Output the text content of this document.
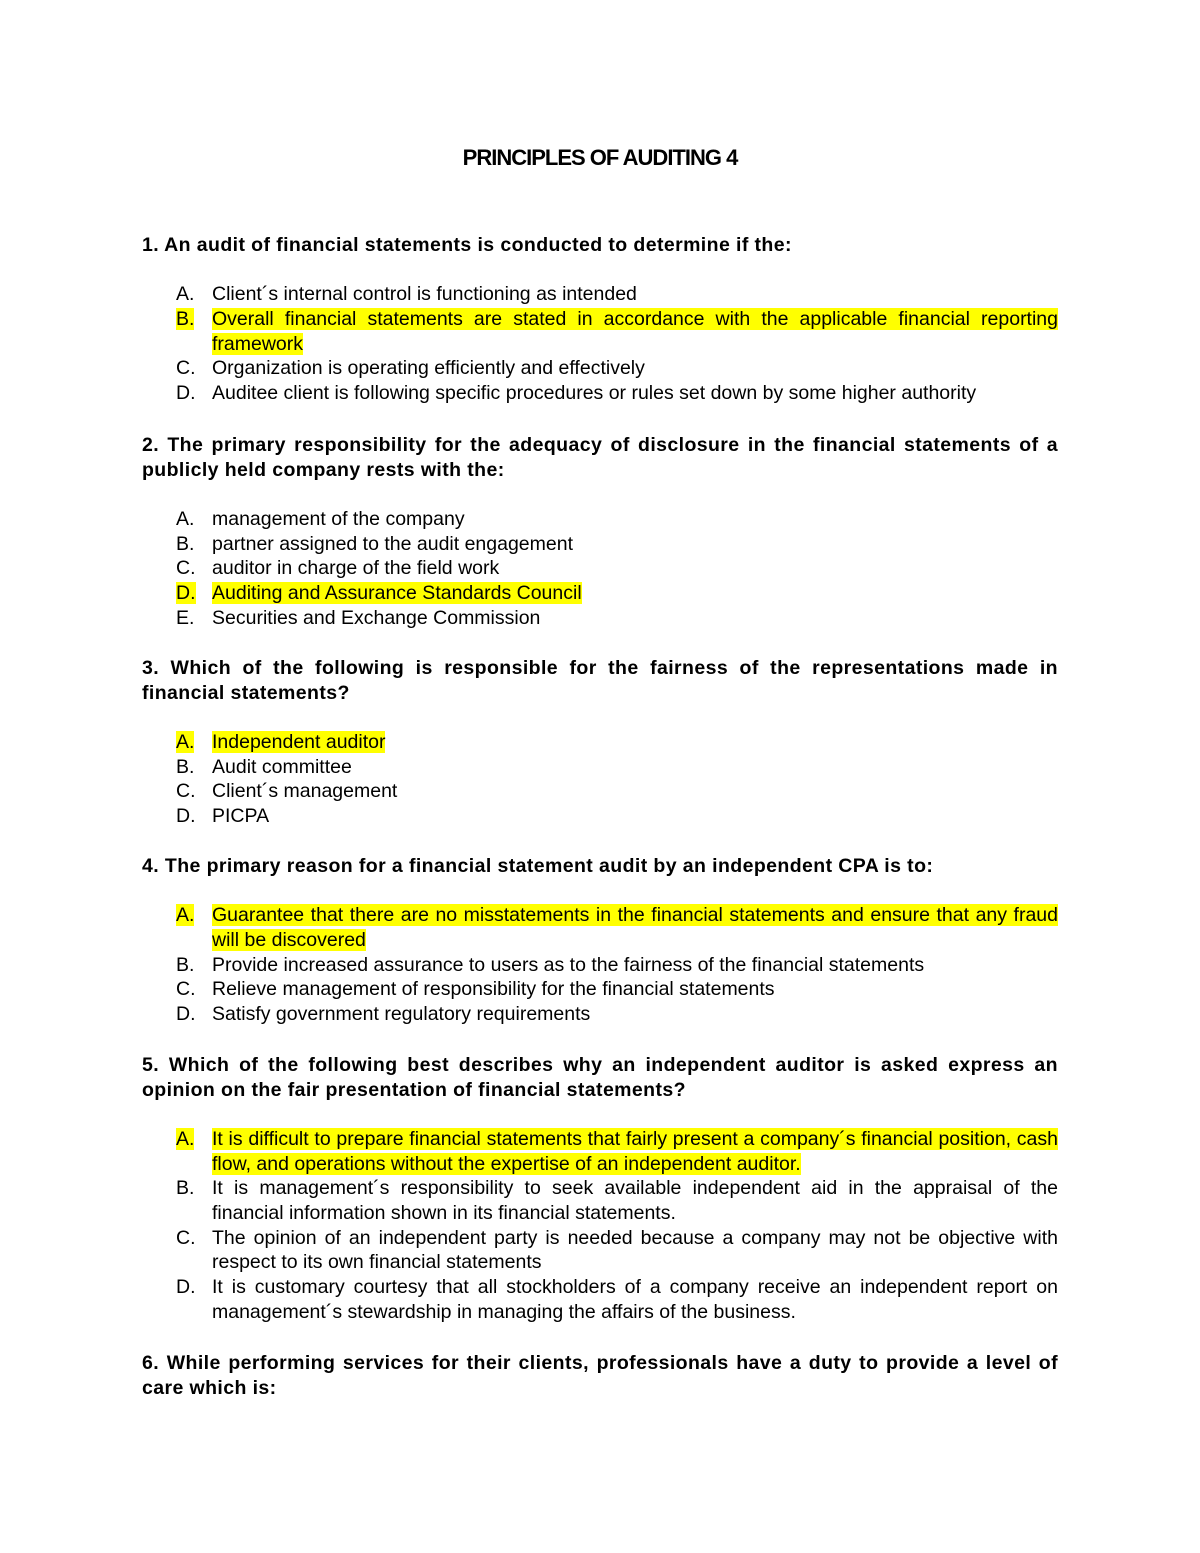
PRINCIPLES OF AUDITING 4

1. An audit of financial statements is conducted to determine if the:

A. Client´s internal control is functioning as intended
B. Overall financial statements are stated in accordance with the applicable financial reporting framework
C. Organization is operating efficiently and effectively
D. Auditee client is following specific procedures or rules set down by some higher authority

2. The primary responsibility for the adequacy of disclosure in the financial statements of a publicly held company rests with the:

A. management of the company
B. partner assigned to the audit engagement
C. auditor in charge of the field work
D. Auditing and Assurance Standards Council
E. Securities and Exchange Commission

3. Which of the following is responsible for the fairness of the representations made in financial statements?

A. Independent auditor
B. Audit committee
C. Client´s management
D. PICPA

4. The primary reason for a financial statement audit by an independent CPA is to:

A. Guarantee that there are no misstatements in the financial statements and ensure that any fraud will be discovered
B. Provide increased assurance to users as to the fairness of the financial statements
C. Relieve management of responsibility for the financial statements
D. Satisfy government regulatory requirements

5. Which of the following best describes why an independent auditor is asked express an opinion on the fair presentation of financial statements?

A. It is difficult to prepare financial statements that fairly present a company´s financial position, cash flow, and operations without the expertise of an independent auditor.
B. It is management´s responsibility to seek available independent aid in the appraisal of the financial information shown in its financial statements.
C. The opinion of an independent party is needed because a company may not be objective with respect to its own financial statements
D. It is customary courtesy that all stockholders of a company receive an independent report on management´s stewardship in managing the affairs of the business.

6. While performing services for their clients, professionals have a duty to provide a level of care which is:
